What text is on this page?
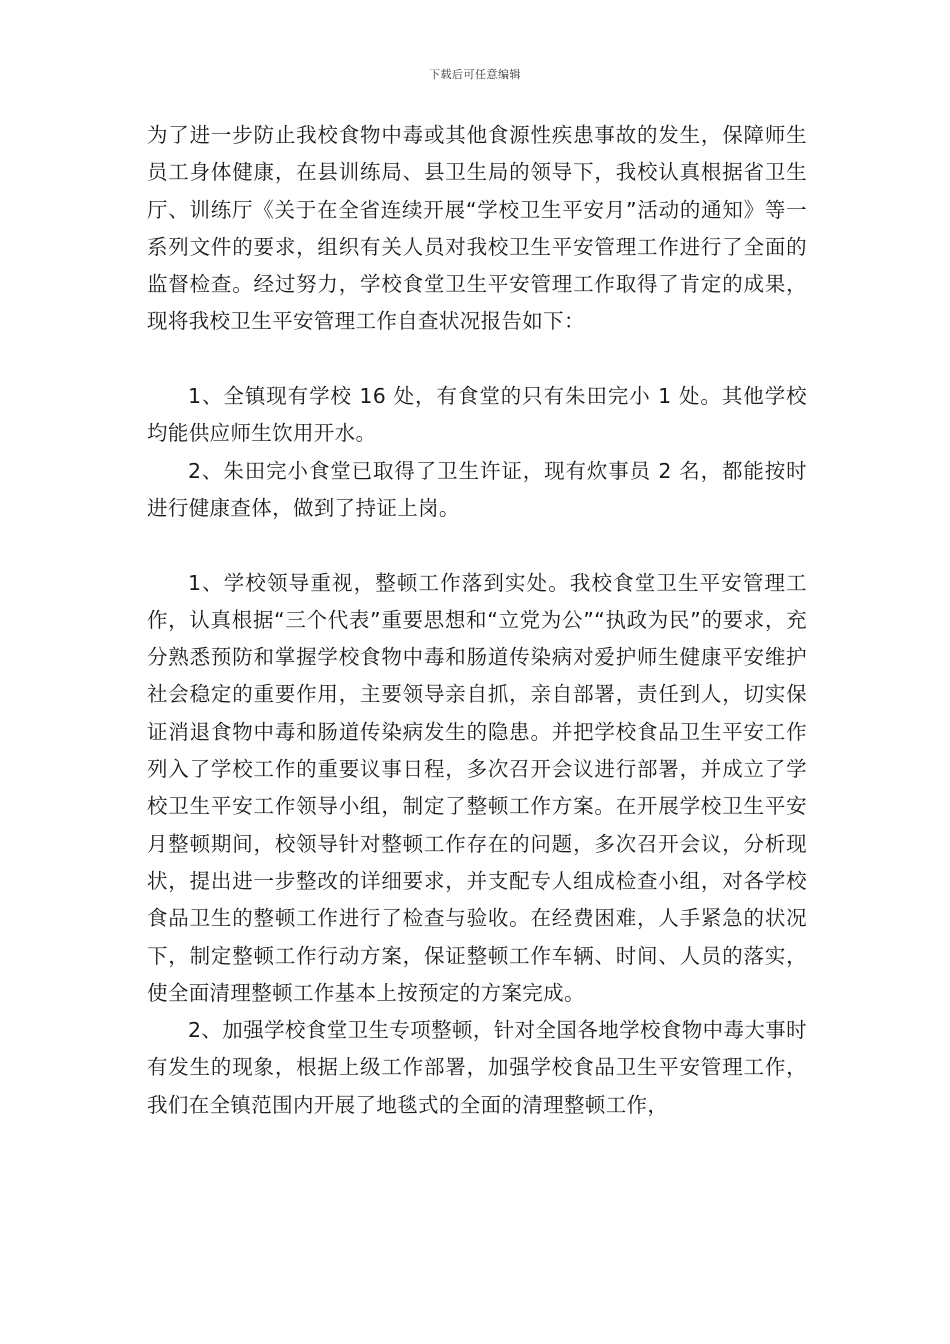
下载后可任意编辑

为了进一步防止我校食物中毒或其他食源性疾患事故的发生，保障师生员工身体健康，在县训练局、县卫生局的领导下，我校认真根据省卫生厅、训练厅《关于在全省连续开展“学校卫生平安月”活动的通知》等一系列文件的要求，组织有关人员对我校卫生平安管理工作进行了全面的监督检查。经过努力，学校食堂卫生平安管理工作取得了肯定的成果，现将我校卫生平安管理工作自查状况报告如下：

1、全镇现有学校 16 处，有食堂的只有朱田完小 1 处。其他学校均能供应师生饮用开水。

2、朱田完小食堂已取得了卫生许证，现有炊事员 2 名，都能按时进行健康查体，做到了持证上岗。

1、学校领导重视，整顿工作落到实处。我校食堂卫生平安管理工作，认真根据“三个代表”重要思想和“立党为公”“执政为民”的要求，充分熟悉预防和掌握学校食物中毒和肠道传染病对爱护师生健康平安维护社会稳定的重要作用，主要领导亲自抓，亲自部署，责任到人，切实保证消退食物中毒和肠道传染病发生的隐患。并把学校食品卫生平安工作列入了学校工作的重要议事日程，多次召开会议进行部署，并成立了学校卫生平安工作领导小组，制定了整顿工作方案。在开展学校卫生平安月整顿期间，校领导针对整顿工作存在的问题，多次召开会议，分析现状，提出进一步整改的详细要求，并支配专人组成检查小组，对各学校食品卫生的整顿工作进行了检查与验收。在经费困难，人手紧急的状况下，制定整顿工作行动方案，保证整顿工作车辆、时间、人员的落实，使全面清理整顿工作基本上按预定的方案完成。

2、加强学校食堂卫生专项整顿，针对全国各地学校食物中毒大事时有发生的现象，根据上级工作部署，加强学校食品卫生平安管理工作，我们在全镇范围内开展了地毯式的全面的清理整顿工作，
